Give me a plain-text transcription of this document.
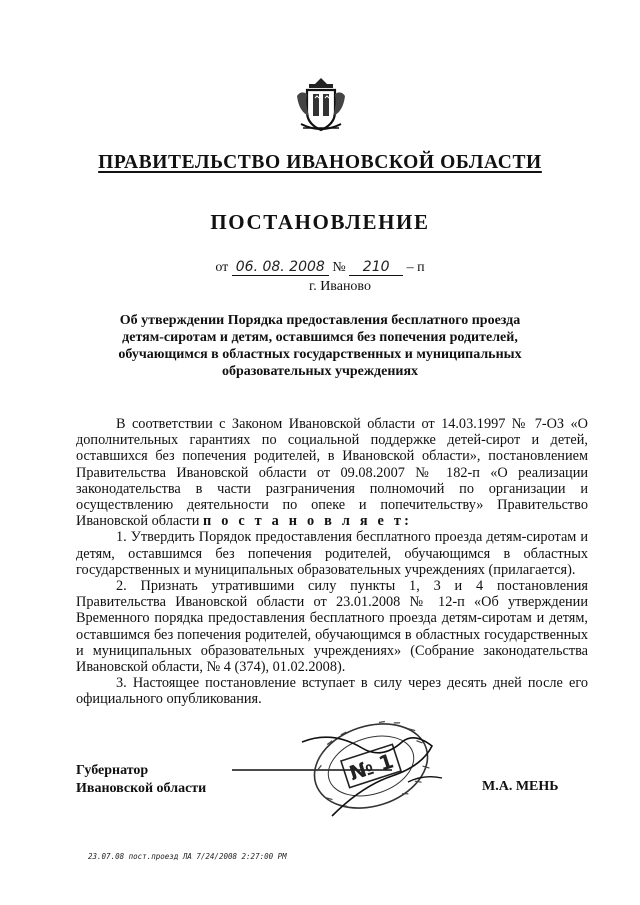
ПРАВИТЕЛЬСТВО ИВАНОВСКОЙ ОБЛАСТИ
ПОСТАНОВЛЕНИЕ
от 06. 08. 2008 № 210 – п
г. Иваново
Об утверждении Порядка предоставления бесплатного проезда детям-сиротам и детям, оставшимся без попечения родителей, обучающимся в областных государственных и муниципальных образовательных учреждениях

В соответствии с Законом Ивановской области от 14.03.1997 № 7-ОЗ «О дополнительных гарантиях по социальной поддержке детей-сирот и детей, оставшихся без попечения родителей, в Ивановской области», постановлением Правительства Ивановской области от 09.08.2007 № 182-п «О реализации законодательства в части разграничения полномочий по организации и осуществлению деятельности по опеке и попечительству» Правительство Ивановской области п о с т а н о в л я е т:

1. Утвердить Порядок предоставления бесплатного проезда детям-сиротам и детям, оставшимся без попечения родителей, обучающимся в областных государственных и муниципальных образовательных учреждениях (прилагается).

2. Признать утратившими силу пункты 1, 3 и 4 постановления Правительства Ивановской области от 23.01.2008 № 12-п «Об утверждении Временного порядка предоставления бесплатного проезда детям-сиротам и детям, оставшимся без попечения родителей, обучающимся в областных государственных и муниципальных образовательных учреждениях» (Собрание законодательства Ивановской области, № 4 (374), 01.02.2008).

3. Настоящее постановление вступает в силу через десять дней после его официального опубликования.

Губернатор
Ивановской области
№ 1
М.А. МЕНЬ
23.07.08 пост.проезд ЛА 7/24/2008 2:27:00 PM
